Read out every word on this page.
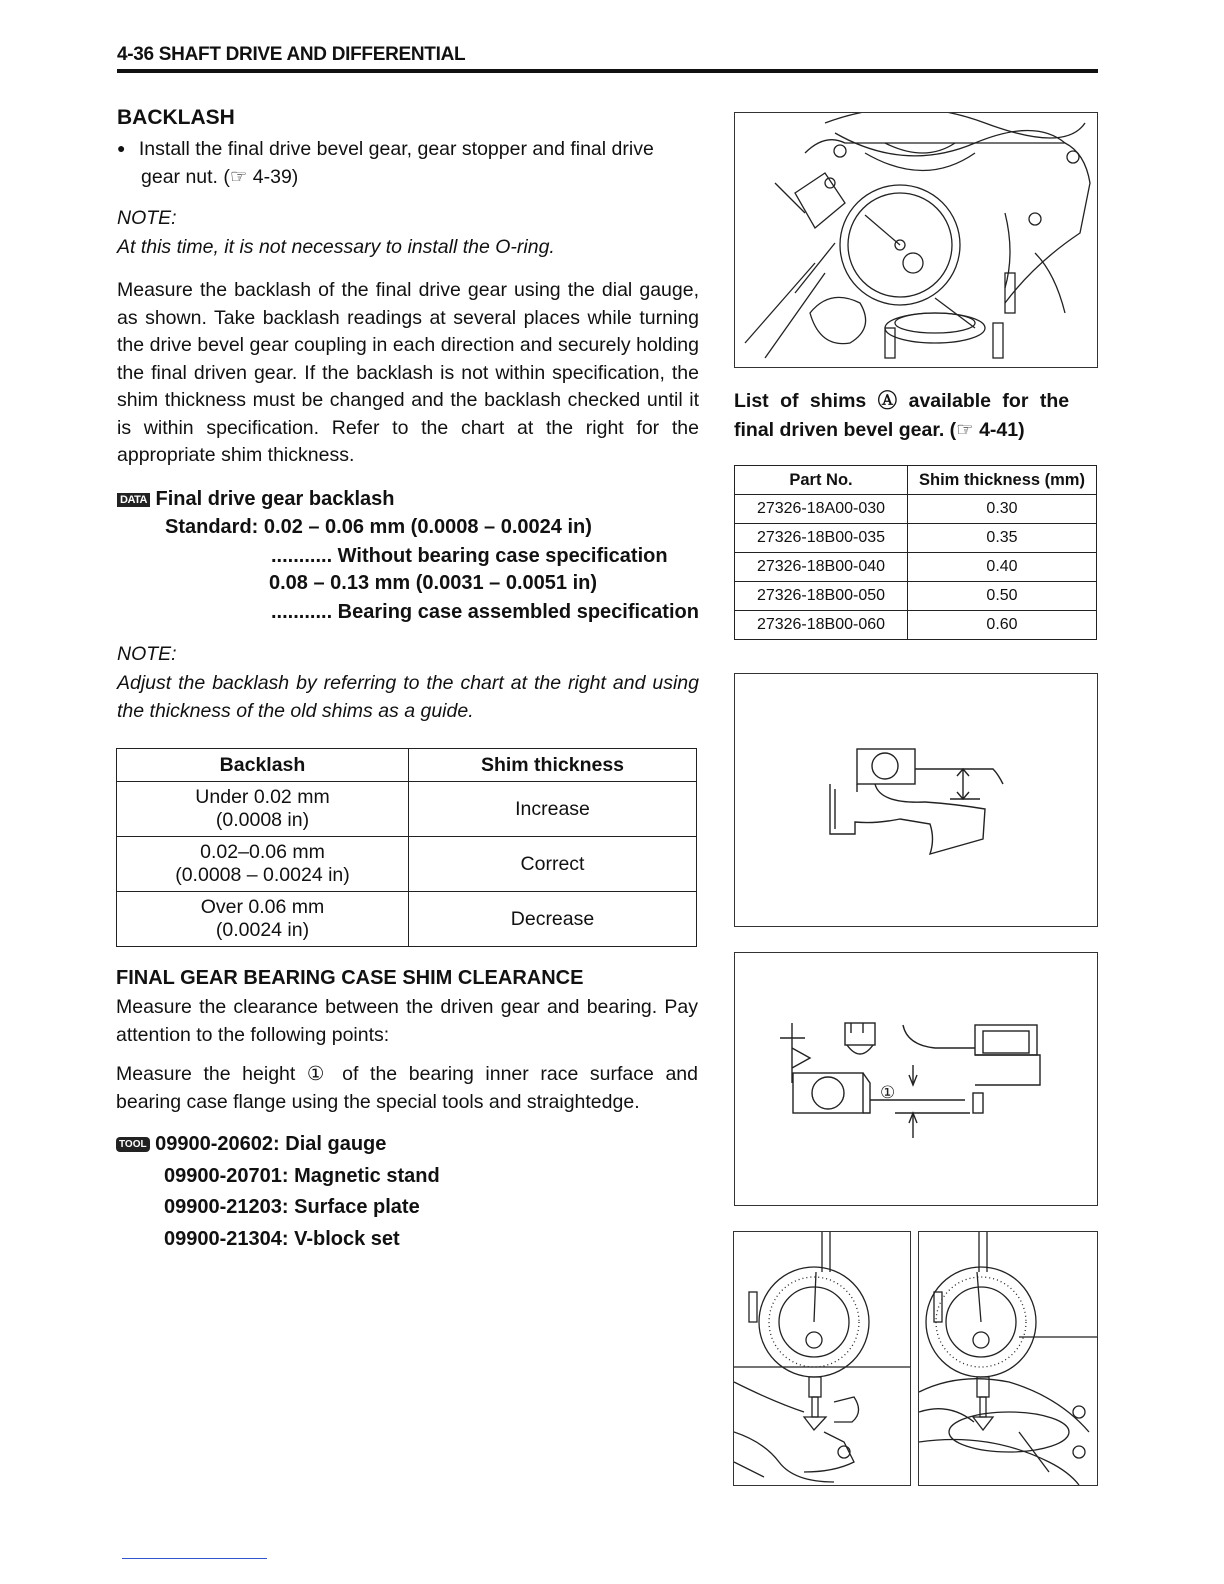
4-36 SHAFT DRIVE AND DIFFERENTIAL
BACKLASH
● Install the final drive bevel gear, gear stopper and final drive
gear nut. (☞ 4-39)
NOTE:
At this time, it is not necessary to install the O-ring.
Measure the backlash of the final drive gear using the dial gauge, as shown. Take backlash readings at several places while turning the drive bevel gear coupling in each direction and securely holding the final driven gear. If the backlash is not within specification, the shim thickness must be changed and the backlash checked until it is within specification. Refer to the chart at the right for the appropriate shim thickness.
DATA Final drive gear backlash
Standard: 0.02 – 0.06 mm (0.0008 – 0.0024 in)
........... Without bearing case specification
0.08 – 0.13 mm (0.0031 – 0.0051 in)
........... Bearing case assembled specification
NOTE:
Adjust the backlash by referring to the chart at the right and using the thickness of the old shims as a guide.
Backlash	Shim thickness
Under 0.02 mm
(0.0008 in)	Increase
0.02–0.06 mm
(0.0008 – 0.0024 in)	Correct
Over 0.06 mm
(0.0024 in)	Decrease
FINAL GEAR BEARING CASE SHIM CLEARANCE
Measure the clearance between the driven gear and bearing. Pay attention to the following points:
Measure the height ① of the bearing inner race surface and bearing case flange using the special tools and straightedge.
TOOL 09900-20602: Dial gauge
09900-20701: Magnetic stand
09900-21203: Surface plate
09900-21304: V-block set
List of shims Ⓐ available for the
final driven bevel gear. (☞ 4-41)
Part No.	Shim thickness (mm)
27326-18A00-030	0.30
27326-18B00-035	0.35
27326-18B00-040	0.40
27326-18B00-050	0.50
27326-18B00-060	0.60
①
